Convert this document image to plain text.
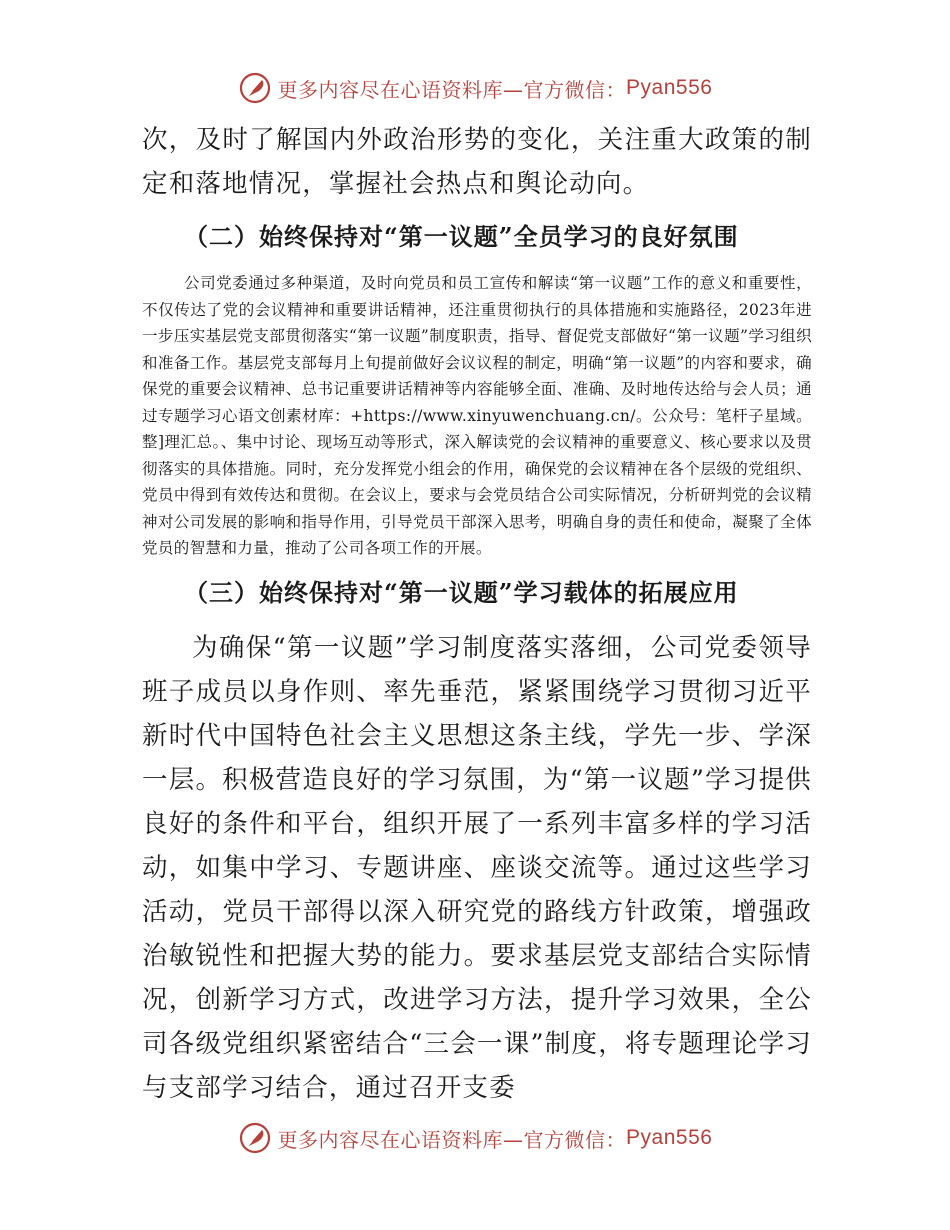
更多内容尽在心语资料库—官方微信： Pyan556

次，及时了解国内外政治形势的变化，关注重大政策的制定和落地情况，掌握社会热点和舆论动向。

（二）始终保持对“第一议题”全员学习的良好氛围

公司党委通过多种渠道，及时向党员和员工宣传和解读“第一议题”工作的意义和重要性，不仅传达了党的会议精神和重要讲话精神，还注重贯彻执行的具体措施和实施路径，2023年进一步压实基层党支部贯彻落实“第一议题”制度职责，指导、督促党支部做好“第一议题”学习组织和准备工作。基层党支部每月上旬提前做好会议议程的制定，明确“第一议题”的内容和要求，确保党的重要会议精神、总书记重要讲话精神等内容能够全面、准确、及时地传达给与会人员；通过专题学习心语文创素材库：+https://www.xinyuwenchuang.cn/。公众号：笔杆子星域。整]理汇总。、集中讨论、现场互动等形式，深入解读党的会议精神的重要意义、核心要求以及贯彻落实的具体措施。同时，充分发挥党小组会的作用，确保党的会议精神在各个层级的党组织、党员中得到有效传达和贯彻。在会议上，要求与会党员结合公司实际情况，分析研判党的会议精神对公司发展的影响和指导作用，引导党员干部深入思考，明确自身的责任和使命，凝聚了全体党员的智慧和力量，推动了公司各项工作的开展。

（三）始终保持对“第一议题”学习载体的拓展应用

为确保“第一议题”学习制度落实落细，公司党委领导班子成员以身作则、率先垂范，紧紧围绕学习贯彻习近平新时代中国特色社会主义思想这条主线，学先一步、学深一层。积极营造良好的学习氛围，为“第一议题”学习提供良好的条件和平台，组织开展了一系列丰富多样的学习活动，如集中学习、专题讲座、座谈交流等。通过这些学习活动，党员干部得以深入研究党的路线方针政策，增强政治敏锐性和把握大势的能力。要求基层党支部结合实际情况，创新学习方式，改进学习方法，提升学习效果，全公司各级党组织紧密结合“三会一课”制度，将专题理论学习与支部学习结合，通过召开支委

更多内容尽在心语资料库—官方微信： Pyan556
